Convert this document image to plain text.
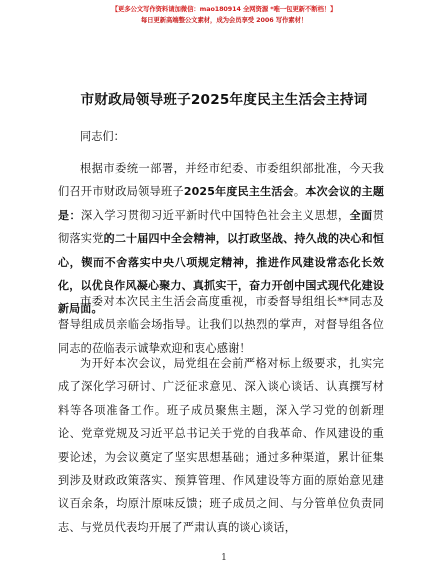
【更多公文写作资料请加微信：mao180914 全网资源 *唯一包更新不断档！】
每日更新高端整公文素材，成为会员享受 2006 写作素材！
市财政局领导班子2025年度民主生活会主持词
同志们：
根据市委统一部署，并经市纪委、市委组织部批准，今天我们召开市财政局领导班子2025年度民主生活会。本次会议的主题是：深入学习贯彻习近平新时代中国特色社会主义思想，全面贯彻落实党的二十届四中全会精神，以打政坚战、持久战的决心和恒心，锲而不舍落实中央八项规定精神，推进作风建设常态化长效化，以优良作风凝心聚力、真抓实干，奋力开创中国式现代化建设新局面。
市委对本次民主生活会高度重视，市委督导组组长**同志及督导组成员亲临会场指导。让我们以热烈的掌声，对督导组各位同志的莅临表示诚挚欢迎和衷心感谢！
为开好本次会议，局党组在会前严格对标上级要求，扎实完成了深化学习研讨、广泛征求意见、深入谈心谈话、认真撰写材料等各项准备工作。班子成员聚焦主题，深入学习党的创新理论、党章党规及习近平总书记关于党的自我革命、作风建设的重要论述，为会议奠定了坚实思想基础；通过多种渠道，累计征集到涉及财政政策落实、预算管理、作风建设等方面的原始意见建议百余条，均原汁原味反馈；班子成员之间、与分管单位负责同志、与党员代表均开展了严肃认真的谈心谈话，
1
